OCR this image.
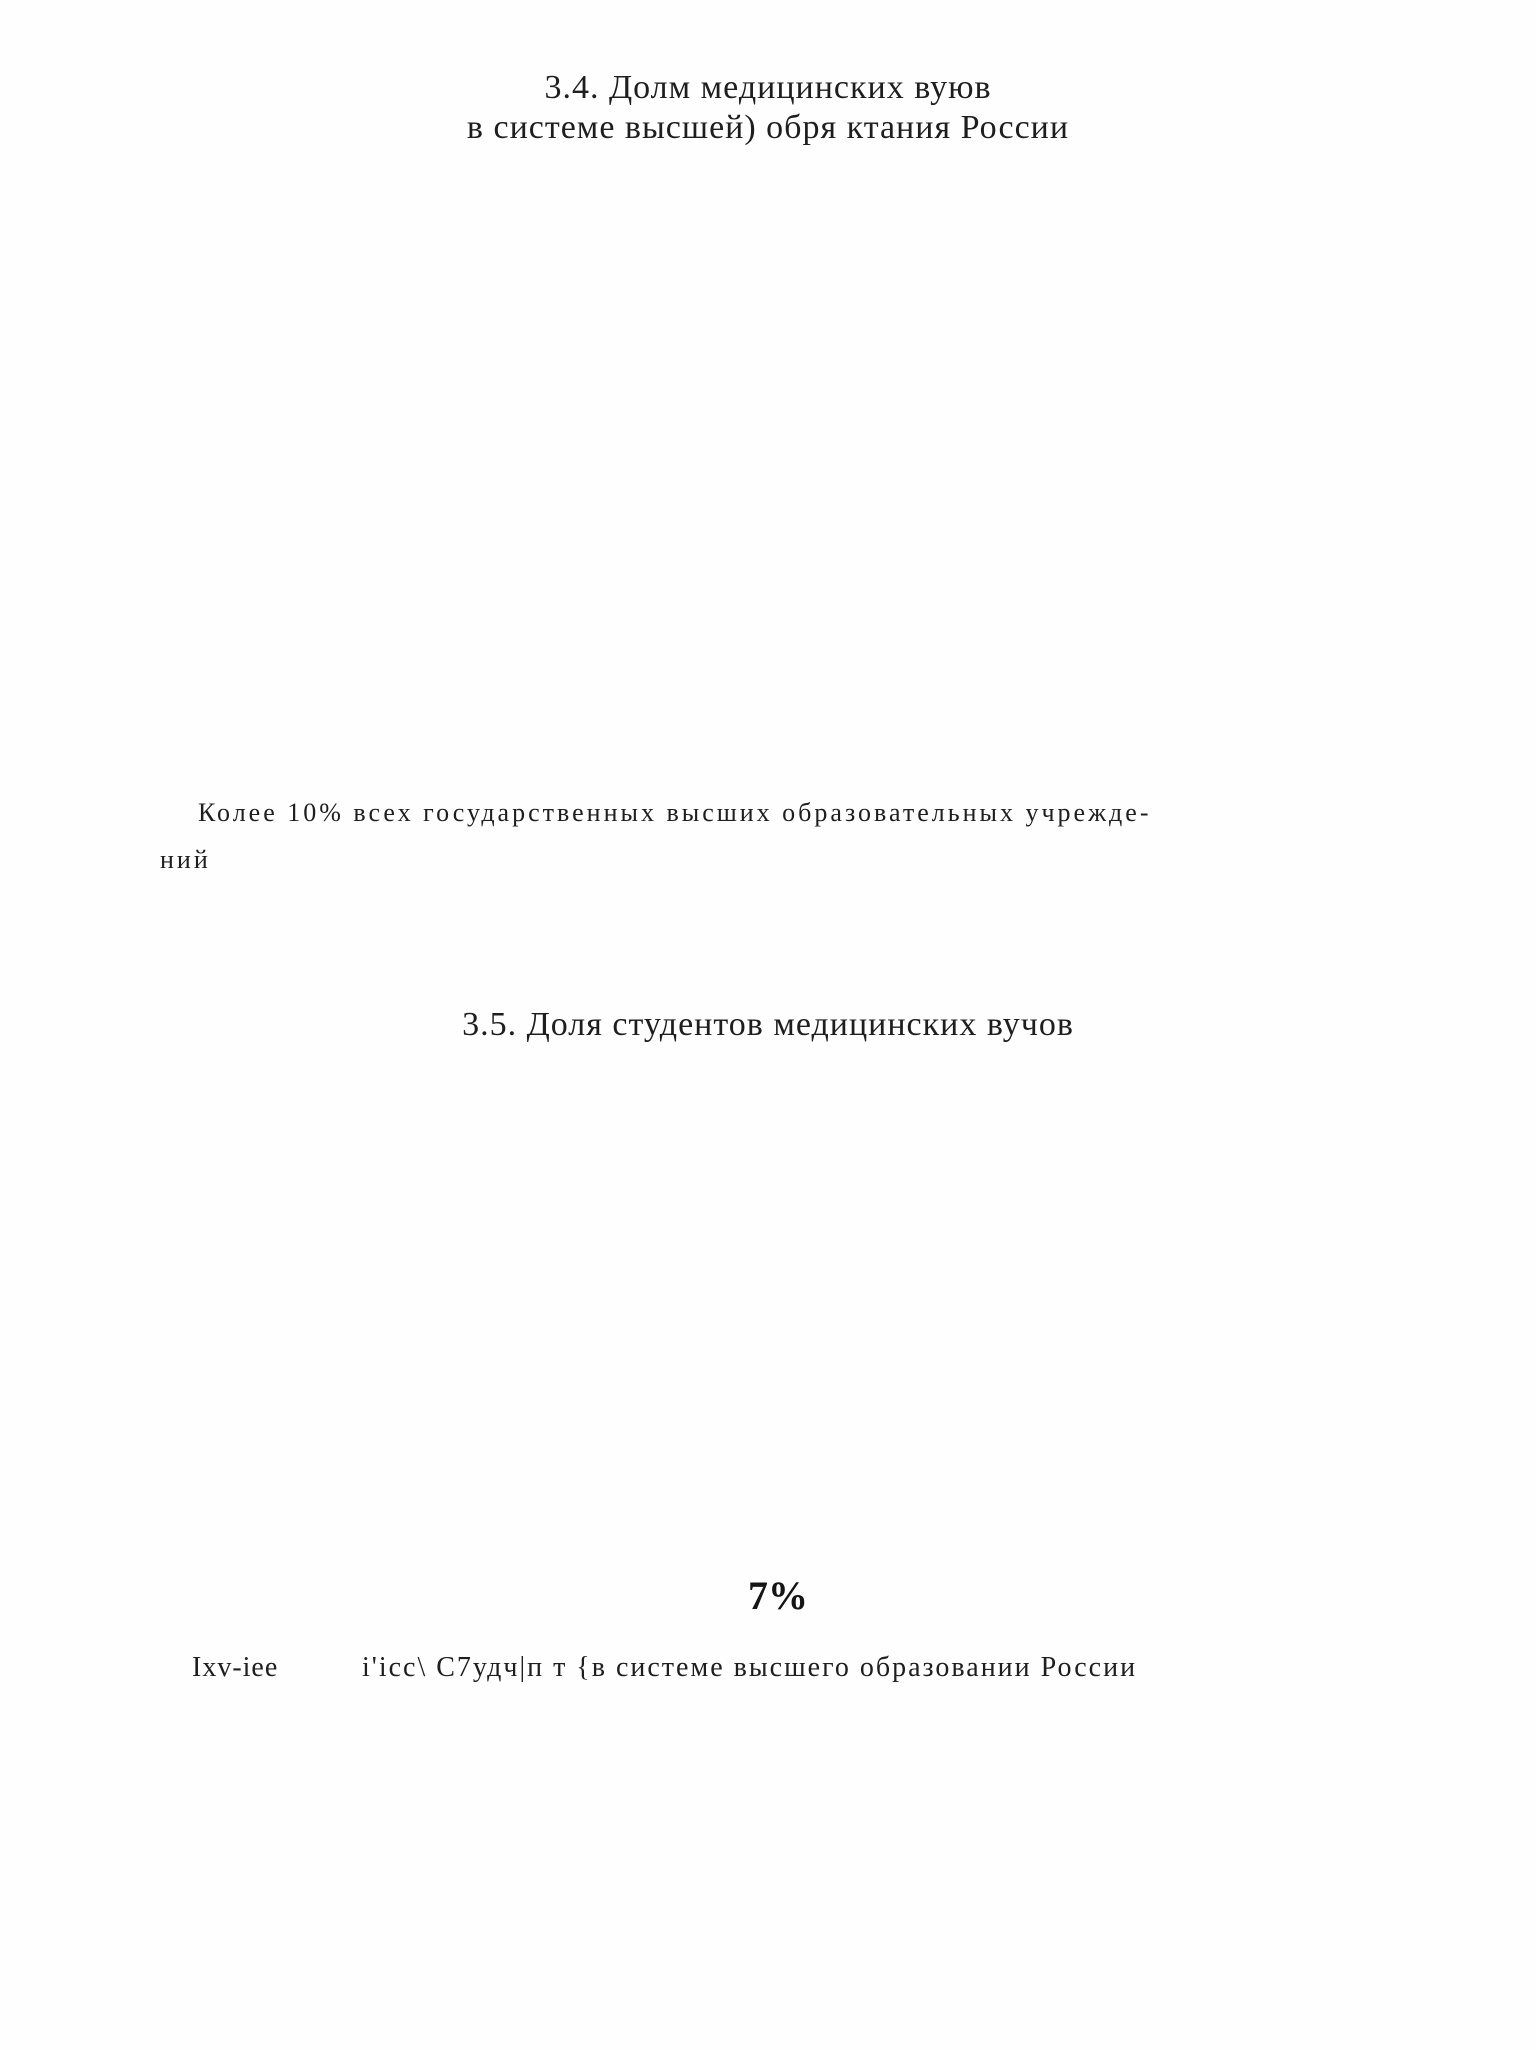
3.4. Долм медицинских вуюв
в системе высшей) обря ктания России
Колее 10% всех государственных высших образовательных учрежде-
ний
3.5. Доля студентов медицинских вучов
7%
Ixv-iee	i'icc\ C7удч|п т {в системе высшего образовании России
